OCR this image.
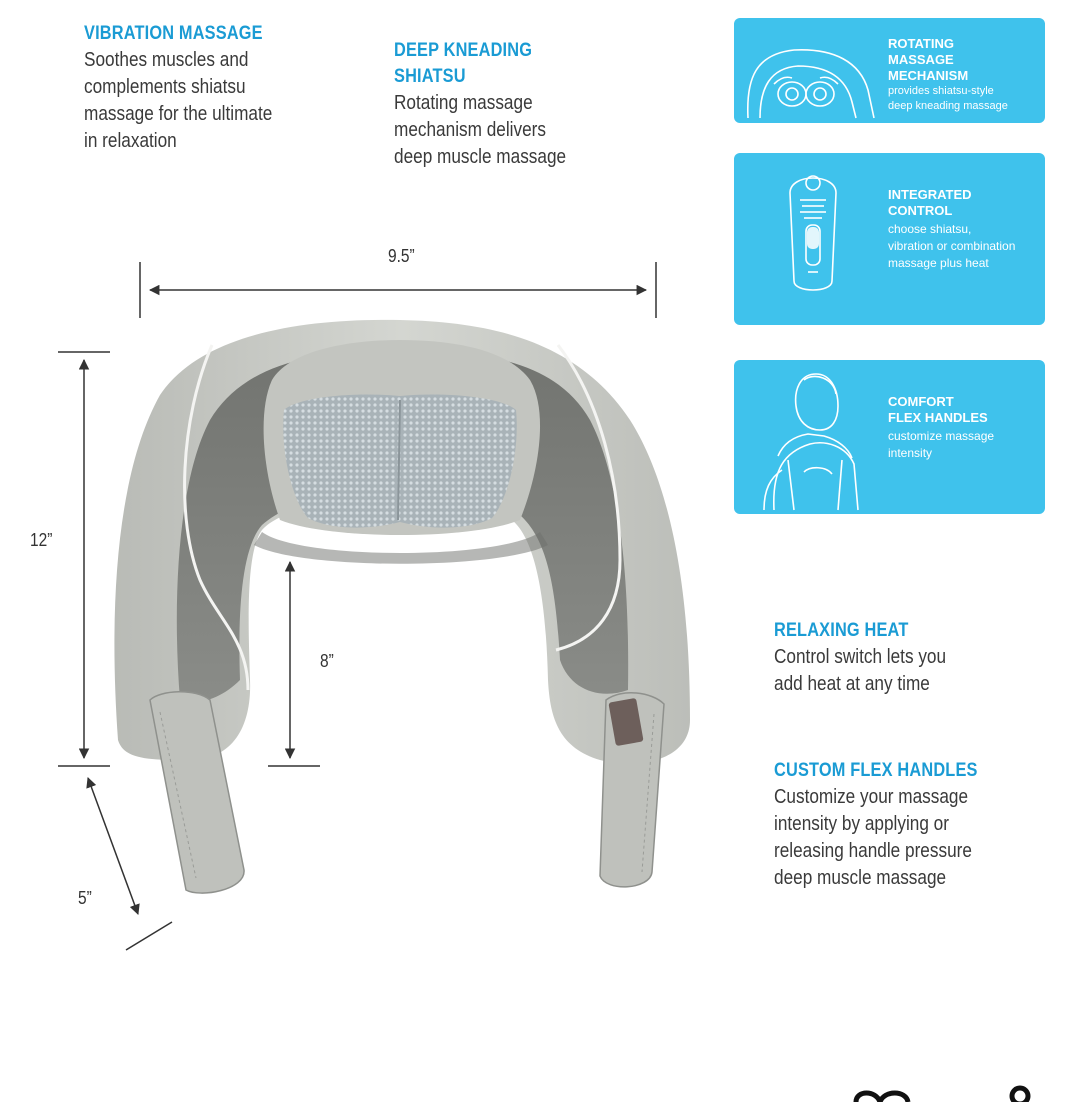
VIBRATION MASSAGE
Soothes muscles and
complements shiatsu
massage for the ultimate
in relaxation
DEEP KNEADING
SHIATSU
Rotating massage
mechanism delivers
deep muscle massage
RELAXING HEAT
Control switch lets you
add heat at any time
CUSTOM FLEX HANDLES
Customize your massage
intensity by applying or
releasing handle pressure
deep muscle massage
ROTATING
MASSAGE
MECHANISM
provides shiatsu-style
deep kneading massage
INTEGRATED
CONTROL
choose shiatsu,
vibration or combination
massage plus heat
COMFORT
FLEX HANDLES
customize massage
intensity
9.5”
12”
8”
5”
